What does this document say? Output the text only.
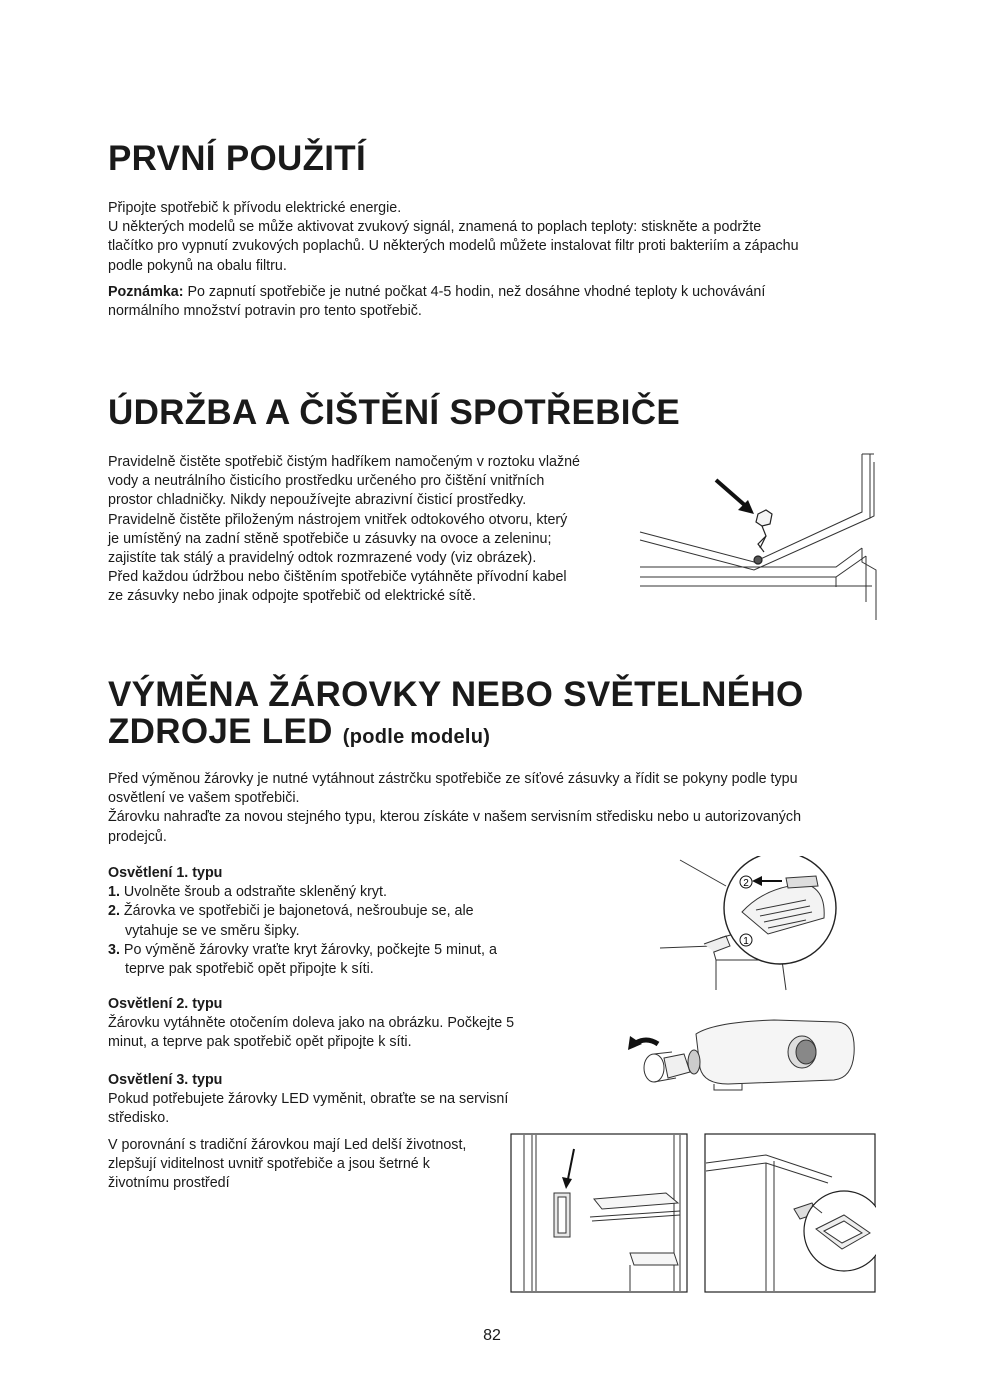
PRVNÍ POUŽITÍ
Připojte spotřebič k přívodu elektrické energie.
U některých modelů se může aktivovat zvukový signál, znamená to poplach teploty: stiskněte a podržte
tlačítko pro vypnutí zvukových poplachů. U některých modelů můžete instalovat filtr proti bakteriím a zápachu
podle pokynů na obalu filtru.
Poznámka: Po zapnutí spotřebiče je nutné počkat 4-5 hodin, než dosáhne vhodné teploty k uchovávání
normálního množství potravin pro tento spotřebič.
ÚDRŽBA A ČIŠTĚNÍ SPOTŘEBIČE
Pravidelně čistěte spotřebič čistým hadříkem namočeným v roztoku vlažné
vody a neutrálního čisticího prostředku určeného pro čištění vnitřních
prostor chladničky. Nikdy nepoužívejte abrazivní čisticí prostředky.
Pravidelně čistěte přiloženým nástrojem vnitřek odtokového otvoru, který
je umístěný na zadní stěně spotřebiče u zásuvky na ovoce a zeleninu;
zajistíte tak stálý a pravidelný odtok rozmrazené vody (viz obrázek).
Před každou údržbou nebo čištěním spotřebiče vytáhněte přívodní kabel
ze zásuvky nebo jinak odpojte spotřebič od elektrické sítě.
VÝMĚNA ŽÁROVKY NEBO SVĚTELNÉHO
ZDROJE LED (podle modelu)
Před výměnou žárovky je nutné vytáhnout zástrčku spotřebiče ze síťové zásuvky a řídit se pokyny podle typu
osvětlení ve vašem spotřebiči.
Žárovku nahraďte za novou stejného typu, kterou získáte v našem servisním středisku nebo u autorizovaných
prodejců.
Osvětlení 1. typu
1. Uvolněte šroub a odstraňte skleněný kryt.
2. Žárovka ve spotřebiči je bajonetová, nešroubuje se, ale
vytahuje se ve směru šipky.
3. Po výměně žárovky vraťte kryt žárovky, počkejte 5 minut, a
teprve pak spotřebič opět připojte k síti.
2
1
Osvětlení 2. typu
Žárovku vytáhněte otočením doleva jako na obrázku. Počkejte 5
minut, a teprve pak spotřebič opět připojte k síti.
Osvětlení 3. typu
Pokud potřebujete žárovky LED vyměnit, obraťte se na servisní
středisko.
V porovnání s tradiční žárovkou mají Led delší životnost,
zlepšují viditelnost uvnitř spotřebiče a jsou šetrné k
životnímu prostředí
82
